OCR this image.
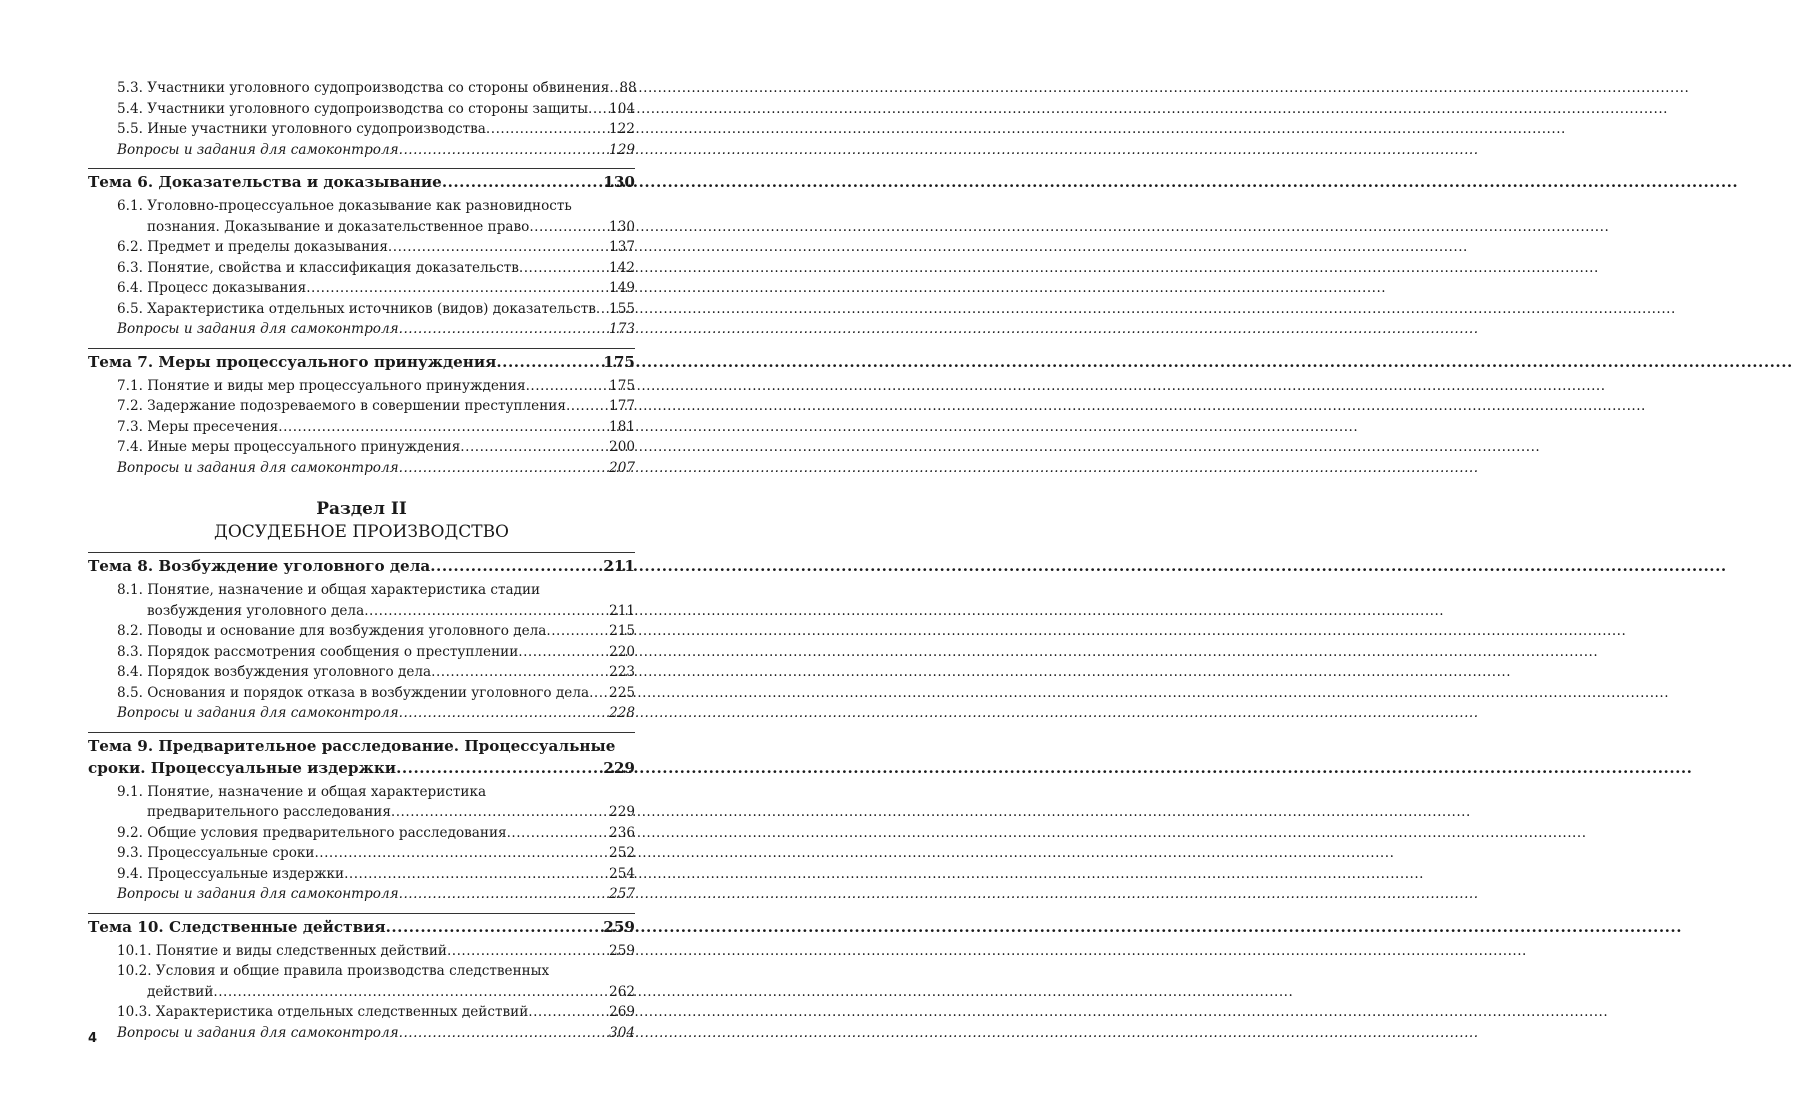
5.3. Участники уголовного судопроизводства со стороны обвинения ..... 88
5.4. Участники уголовного судопроизводства со стороны защиты ..... 104
5.5. Иные участники уголовного судопроизводства .....	122
Вопросы и задания для самоконтроля .....	129
Тема 6. Доказательства и доказывание .....	130
6.1. Уголовно-процессуальное доказывание как разновидность
познания. Доказывание и доказательственное право .....	130
6.2. Предмет и пределы доказывания .....	137
6.3. Понятие, свойства и классификация доказательств .....	142
6.4. Процесс доказывания .....	149
6.5. Характеристика отдельных источников (видов) доказательств ..... 155
Вопросы и задания для самоконтроля .....	173
Тема 7. Меры процессуального принуждения .....	175
7.1. Понятие и виды мер процессуального принуждения .....	175
7.2. Задержание подозреваемого в совершении преступления .....	177
7.3. Меры пресечения .....	181
7.4. Иные меры процессуального принуждения .....	200
Вопросы и задания для самоконтроля .....	207
Раздел II
ДОСУДЕБНОЕ ПРОИЗВОДСТВО
Тема 8. Возбуждение уголовного дела .....	211
8.1. Понятие, назначение и общая характеристика стадии
возбуждения уголовного дела .....	211
8.2. Поводы и основание для возбуждения уголовного дела .....	215
8.3. Порядок рассмотрения сообщения о преступлении .....	220
8.4. Порядок возбуждения уголовного дела .....	223
8.5. Основания и порядок отказа в возбуждении уголовного дела ..... 225
Вопросы и задания для самоконтроля .....	228
Тема 9. Предварительное расследование. Процессуальные
сроки. Процессуальные издержки .....	229
9.1. Понятие, назначение и общая характеристика
предварительного расследования .....	229
9.2. Общие условия предварительного расследования .....	236
9.3. Процессуальные сроки .....	252
9.4. Процессуальные издержки .....	254
Вопросы и задания для самоконтроля .....	257
Тема 10. Следственные действия .....	259
10.1. Понятие и виды следственных действий .....	259
10.2. Условия и общие правила производства следственных
действий .....	262
10.3. Характеристика отдельных следственных действий .....	269
Вопросы и задания для самоконтроля .....	304
4
